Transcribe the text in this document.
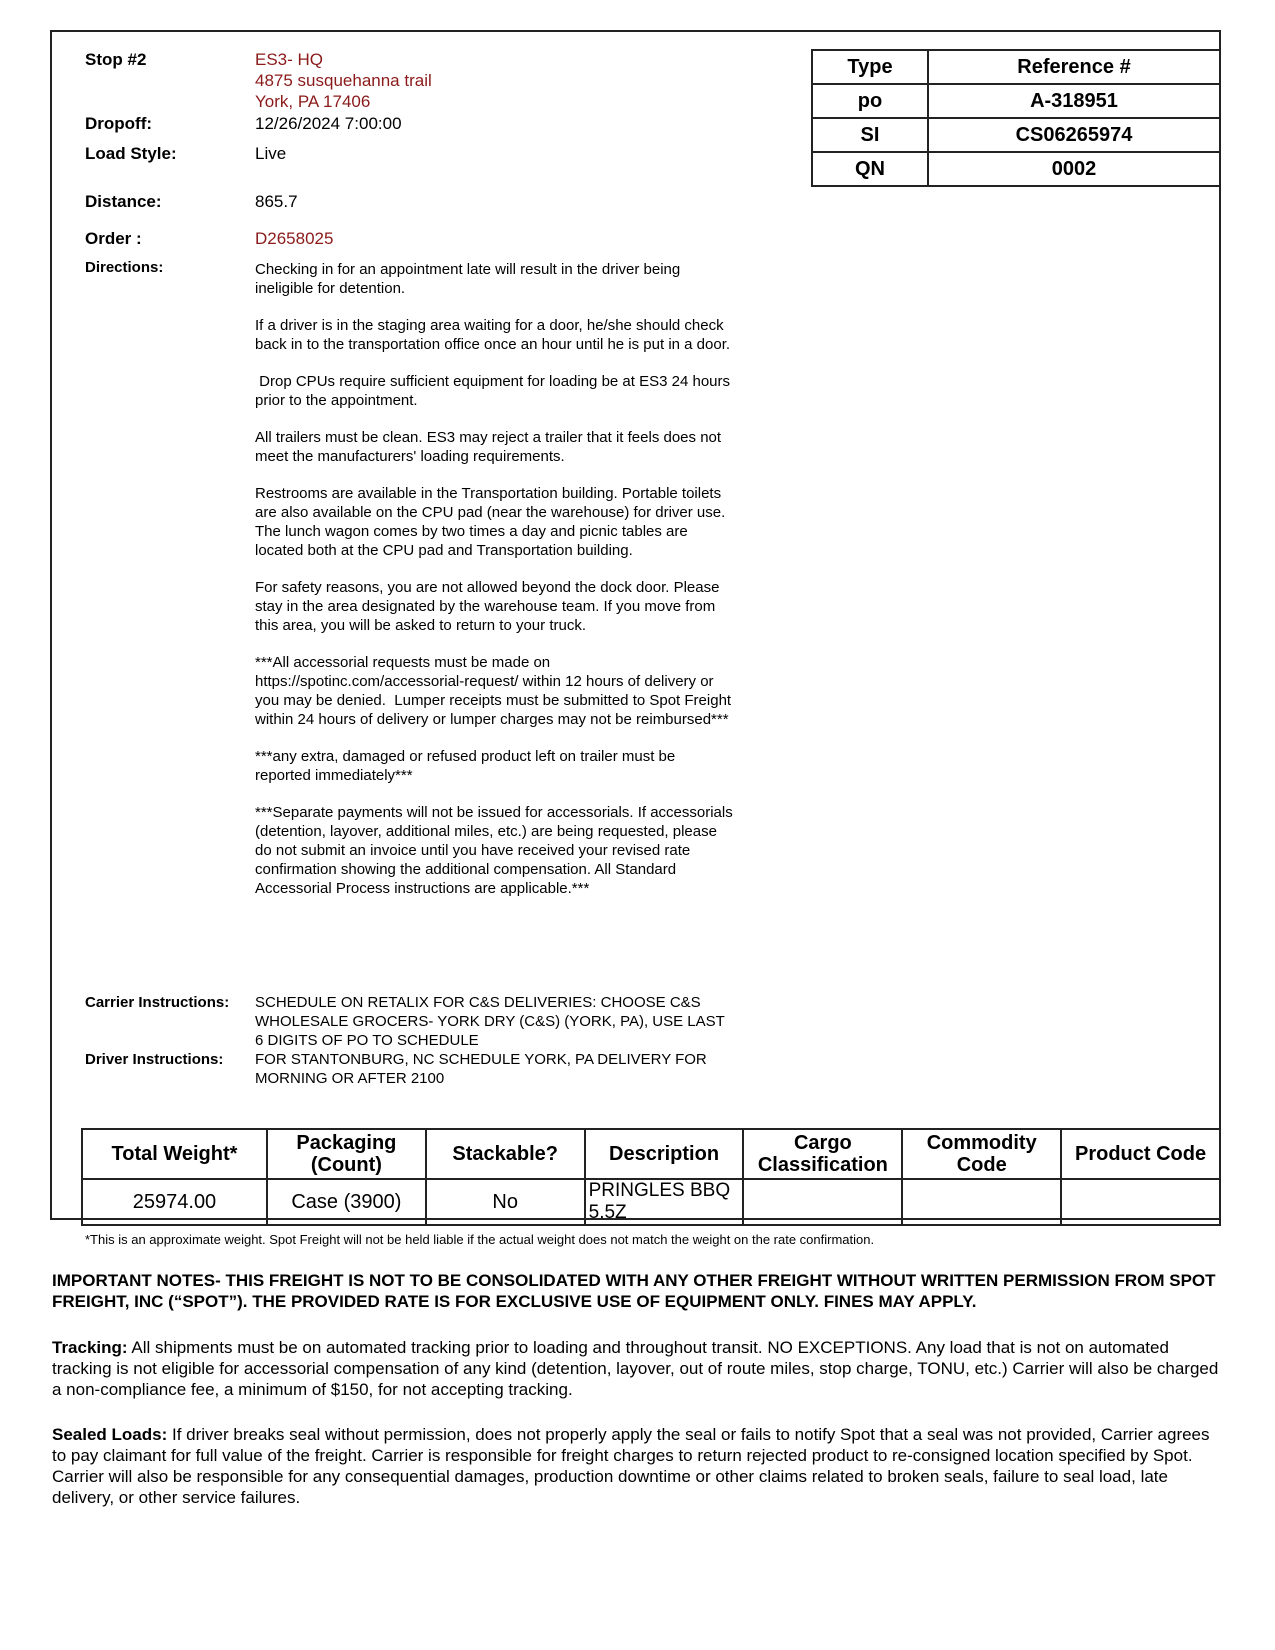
Stop #2	ES3- HQ
4875 susquehanna trail
York, PA 17406
Dropoff:	12/26/2024 7:00:00
Load Style:	Live
Distance:	865.7
Order :	D2658025
Directions:	Checking in for an appointment late will result in the driver being ineligible for detention.

If a driver is in the staging area waiting for a door, he/she should check back in to the transportation office once an hour until he is put in a door.

Drop CPUs require sufficient equipment for loading be at ES3 24 hours prior to the appointment.

All trailers must be clean. ES3 may reject a trailer that it feels does not meet the manufacturers' loading requirements.

Restrooms are available in the Transportation building. Portable toilets are also available on the CPU pad (near the warehouse) for driver use. The lunch wagon comes by two times a day and picnic tables are located both at the CPU pad and Transportation building.

For safety reasons, you are not allowed beyond the dock door. Please stay in the area designated by the warehouse team. If you move from this area, you will be asked to return to your truck.

***All accessorial requests must be made on https://spotinc.com/accessorial-request/ within 12 hours of delivery or you may be denied.  Lumper receipts must be submitted to Spot Freight within 24 hours of delivery or lumper charges may not be reimbursed***

***any extra, damaged or refused product left on trailer must be reported immediately***

***Separate payments will not be issued for accessorials. If accessorials (detention, layover, additional miles, etc.) are being requested, please do not submit an invoice until you have received your revised rate confirmation showing the additional compensation. All Standard Accessorial Process instructions are applicable.***

Carrier Instructions:	SCHEDULE ON RETALIX FOR C&S DELIVERIES: CHOOSE C&S WHOLESALE GROCERS- YORK DRY (C&S) (YORK, PA), USE LAST 6 DIGITS OF PO TO SCHEDULE
Driver Instructions: FOR STANTONBURG, NC SCHEDULE YORK, PA DELIVERY FOR MORNING OR AFTER 2100
Type	Reference #
po	A-318951
SI	CS06265974
QN	0002
Total Weight*	Packaging (Count)	Stackable?	Description	Cargo Classification	Commodity Code	Product Code
25974.00	Case (3900)	No	PRINGLES BBQ 5.5Z			
*This is an approximate weight. Spot Freight will not be held liable if the actual weight does not match the weight on the rate confirmation.
IMPORTANT NOTES- THIS FREIGHT IS NOT TO BE CONSOLIDATED WITH ANY OTHER FREIGHT WITHOUT WRITTEN PERMISSION FROM SPOT FREIGHT, INC (“SPOT”). THE PROVIDED RATE IS FOR EXCLUSIVE USE OF EQUIPMENT ONLY. FINES MAY APPLY.
Tracking: All shipments must be on automated tracking prior to loading and throughout transit. NO EXCEPTIONS. Any load that is not on automated tracking is not eligible for accessorial compensation of any kind (detention, layover, out of route miles, stop charge, TONU, etc.) Carrier will also be charged a non-compliance fee, a minimum of $150, for not accepting tracking.
Sealed Loads: If driver breaks seal without permission, does not properly apply the seal or fails to notify Spot that a seal was not provided, Carrier agrees to pay claimant for full value of the freight. Carrier is responsible for freight charges to return rejected product to re-consigned location specified by Spot. Carrier will also be responsible for any consequential damages, production downtime or other claims related to broken seals, failure to seal load, late delivery, or other service failures.
